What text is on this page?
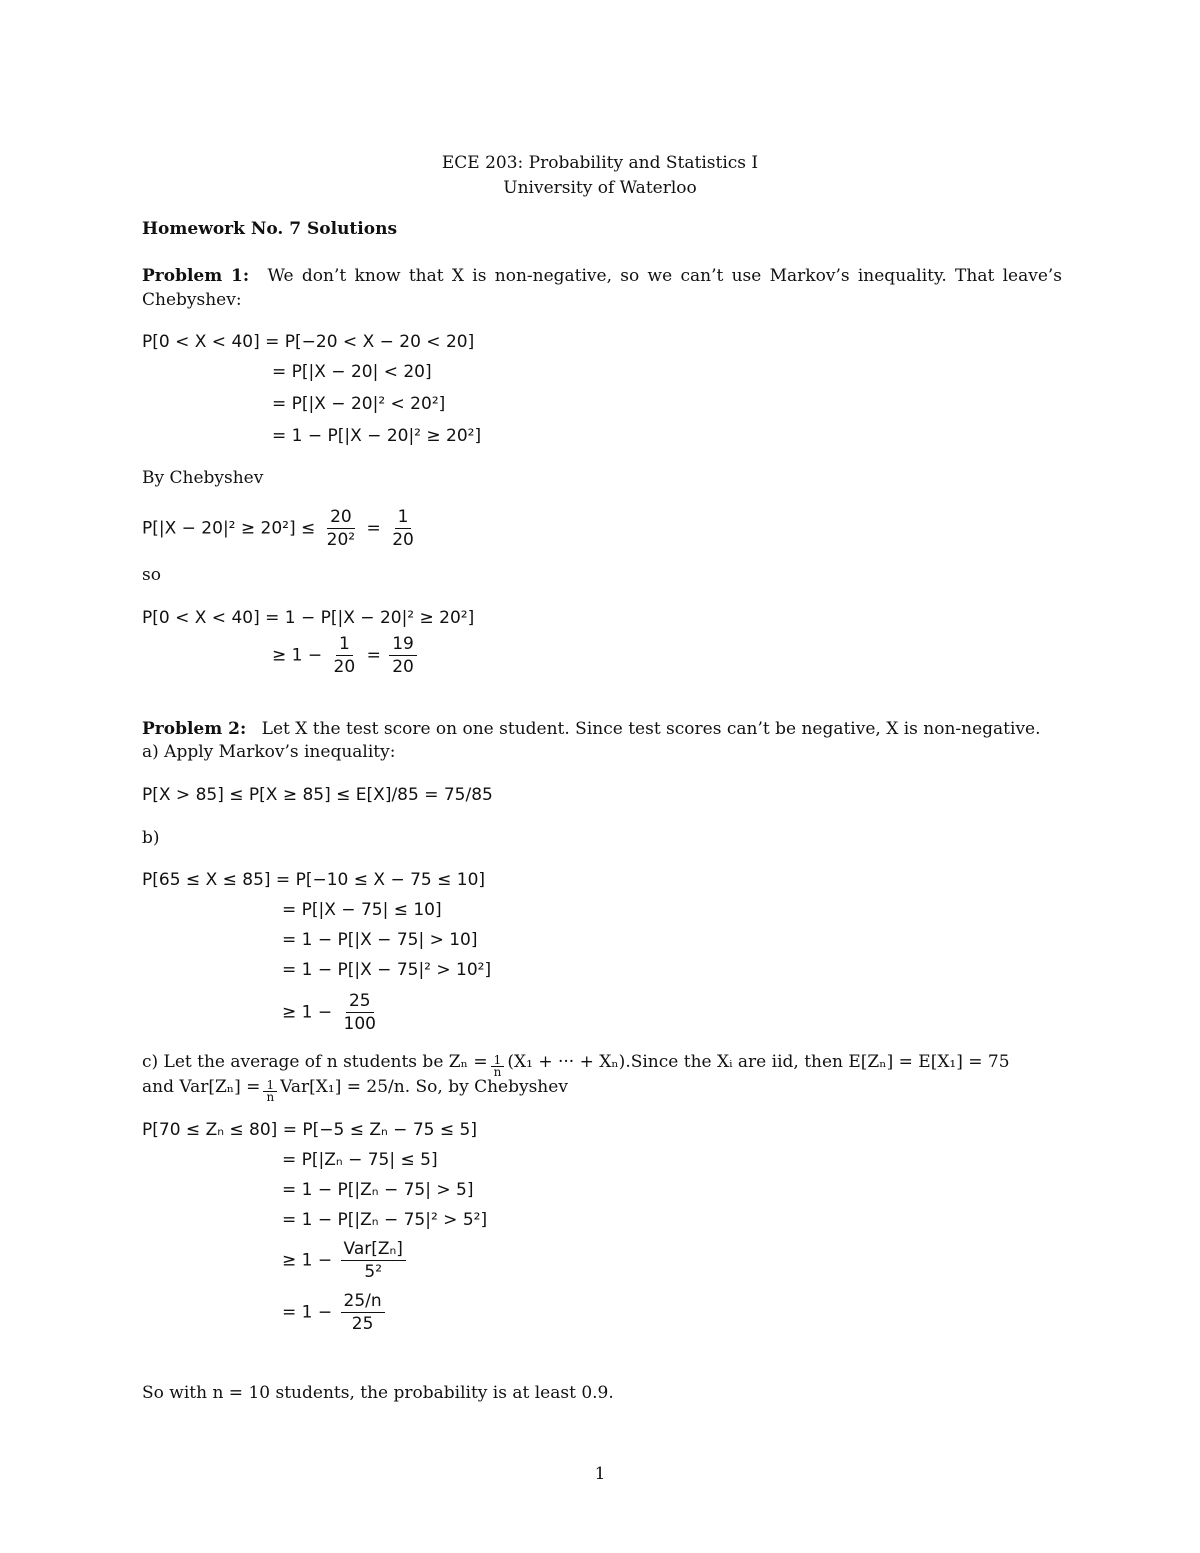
ECE 203: Probability and Statistics I
University of Waterloo
Homework No. 7 Solutions
Problem 1: We don’t know that X is non-negative, so we can’t use Markov’s inequality. That leave’s Chebyshev:
P[0 < X < 40] = P[−20 < X − 20 < 20]
= P[|X − 20| < 20]
= P[|X − 20|² < 20²]
= 1 − P[|X − 20|² ≥ 20²]
By Chebyshev
$P[|X - 20|^2 \ge 20^2] \le \frac{20}{\text{20²}} = \frac{1}{20}$
so
P[0 < X < 40] = 1 − P[|X − 20|² ≥ 20²]
≥ $1 - \frac{1}{20} = \frac{19}{20}$
Problem 2: Let X the test score on one student. Since test scores can’t be negative, X is non-negative.
a) Apply Markov’s inequality:
P[X > 85] ≤ P[X ≥ 85] ≤ E[X]/85 = 75/85
b)
P[65 ≤ X ≤ 85] = P[−10 ≤ X − 75 ≤ 10]
= P[|X − 75| ≤ 10]
= 1 − P[|X − 75| > 10]
= 1 − P[|X − 75|² > 10²]
≥ $1 - \frac{25}{100}$
c) Let the average of n students be $Z_n = \frac{1}{n} (X_1$ + ··· + Xₙ).Since the Xᵢ are iid, then E[Zₙ] = E[X₁] = 75
and $Var[Z_n] = \frac{1}{n} Var[X_1] = 25/n$. So, by Chebyshev
P[70 ≤ Zₙ ≤ 80] = P[−5 ≤ Zₙ − 75 ≤ 5]
= P[|Zₙ − 75| ≤ 5]
= 1 − P[|Zₙ − 75| > 5]
= 1 − P[|Zₙ − 75|² > 5²]
≥ $1 - \frac{\text{Var[Zₙ]}}{\text{5²}}$
= $1 - \frac{25/n}{25}$
So with n = 10 students, the probability is at least 0.9.
1
